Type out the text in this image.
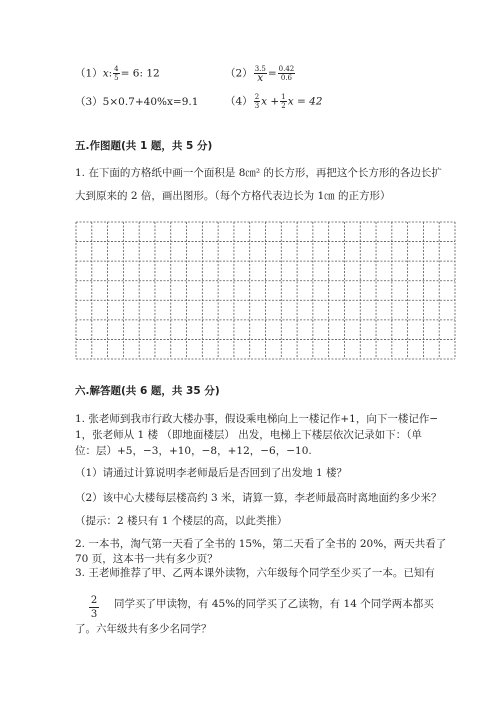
（1）x: $\frac{4}{5} = 6$: 12	$(2) \frac{3.5}{x} = \frac{0.42}{0.6}$
（3）5×0.7+40%x=9.1	$(4) \frac{2}{3}$ $x + \frac{1}{2}$ x = 42
五.作图题(共 1 题，共 5 分)
1. 在下面的方格纸中画一个面积是 8㎝² 的长方形，再把这个长方形的各边长扩
大到原来的 2 倍，画出图形。（每个方格代表边长为 1㎝ 的正方形）
六.解答题(共 6 题，共 35 分)
1. 张老师到我市行政大楼办事，假设乘电梯向上一楼记作+1，向下一楼记作−
1，张老师从 1 楼 （即地面楼层） 出发，电梯上下楼层依次记录如下：（单
位：层）+5，−3，+10，−8，+12，−6，−10.
（1）请通过计算说明李老师最后是否回到了出发地 1 楼？
（2）该中心大楼每层楼高约 3 米，请算一算，李老师最高时离地面约多少米？
（提示：2 楼只有 1 个楼层的高，以此类推）
2. 一本书，淘气第一天看了全书的 15%，第二天看了全书的 20%，两天共看了
70 页，这本书一共有多少页？
3. 王老师推荐了甲、乙两本课外读物，六年级每个同学至少买了一本。已知有
$\frac{2}{3}$ 同学买了甲读物，有 45%的同学买了乙读物，有 14 个同学两本都买
了。六年级共有多少名同学？
